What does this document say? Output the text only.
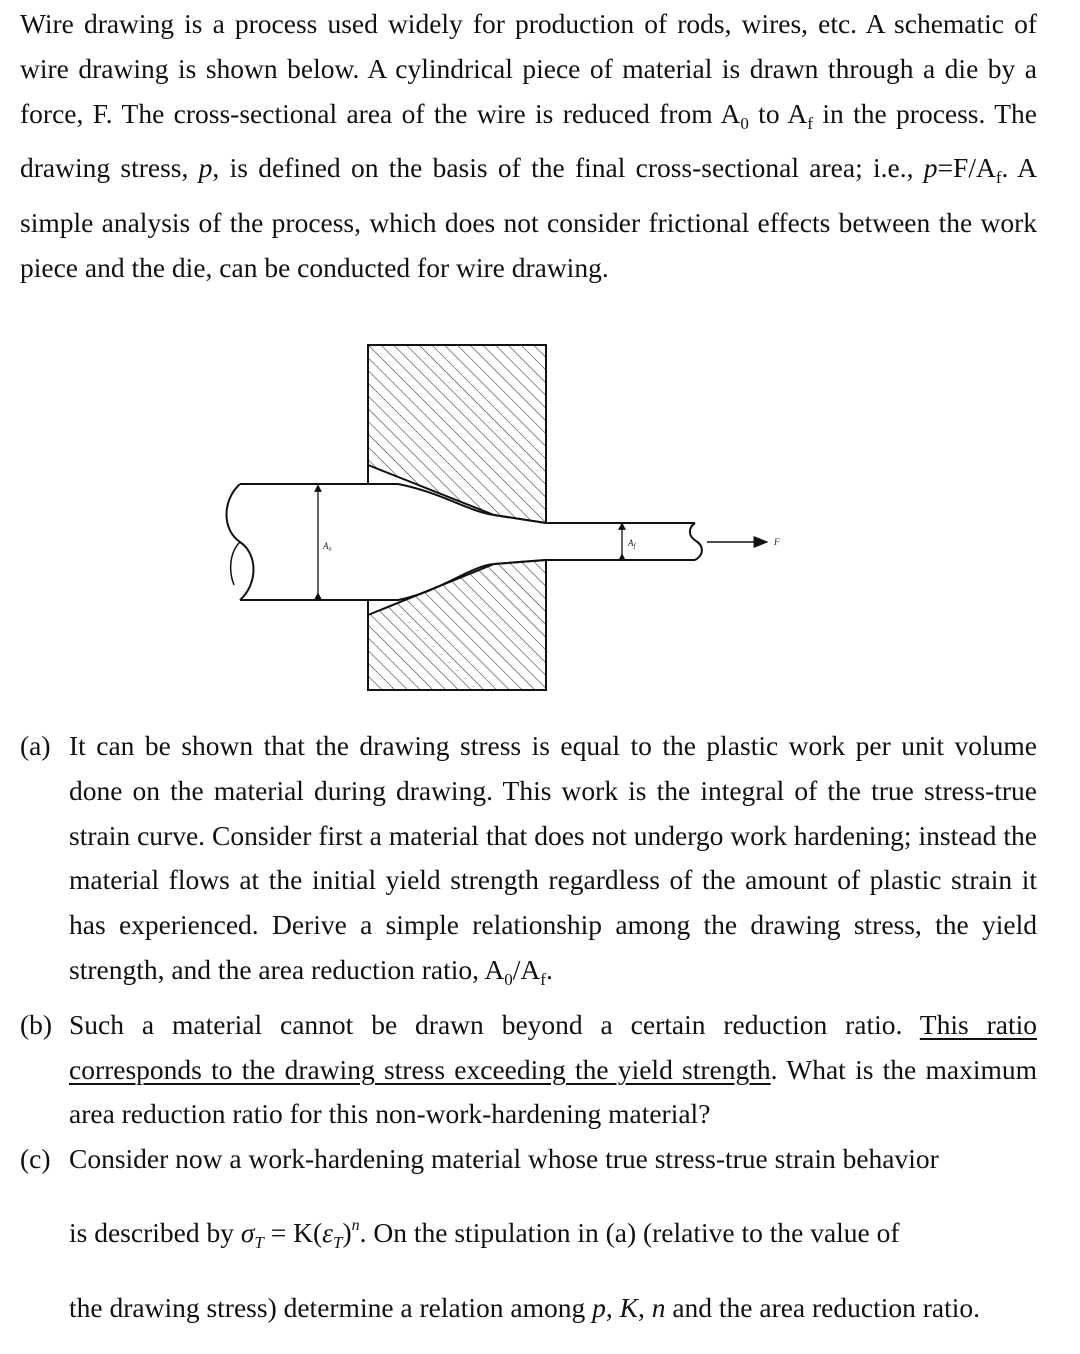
Wire drawing is a process used widely for production of rods, wires, etc. A schematic of wire drawing is shown below. A cylindrical piece of material is drawn through a die by a force, F. The cross-sectional area of the wire is reduced from $A_0$ to $A_f$ in the process. The drawing stress, p, is defined on the basis of the final cross-sectional area; i.e., $p=F/A_f$. A simple analysis of the process, which does not consider frictional effects between the work piece and the die, can be conducted for wire drawing.
A₀	$A_f$	F
(a) It can be shown that the drawing stress is equal to the plastic work per unit volume done on the material during drawing. This work is the integral of the true stress-true strain curve. Consider first a material that does not undergo work hardening; instead the material flows at the initial yield strength regardless of the amount of plastic strain it has experienced. Derive a simple relationship among the drawing stress, the yield strength, and the area reduction ratio, $A_0/A_f$.
(b) Such a material cannot be drawn beyond a certain reduction ratio. This ratio corresponds to the drawing stress exceeding the yield strength. What is the maximum area reduction ratio for this non-work-hardening material?
(c) Consider now a work-hardening material whose true stress-true strain behavior
is described by $\sigma_T = K(\varepsilon_T)^n$. On the stipulation in (a) (relative to the value of
the drawing stress) determine a relation among p, K, n and the area reduction ratio.
